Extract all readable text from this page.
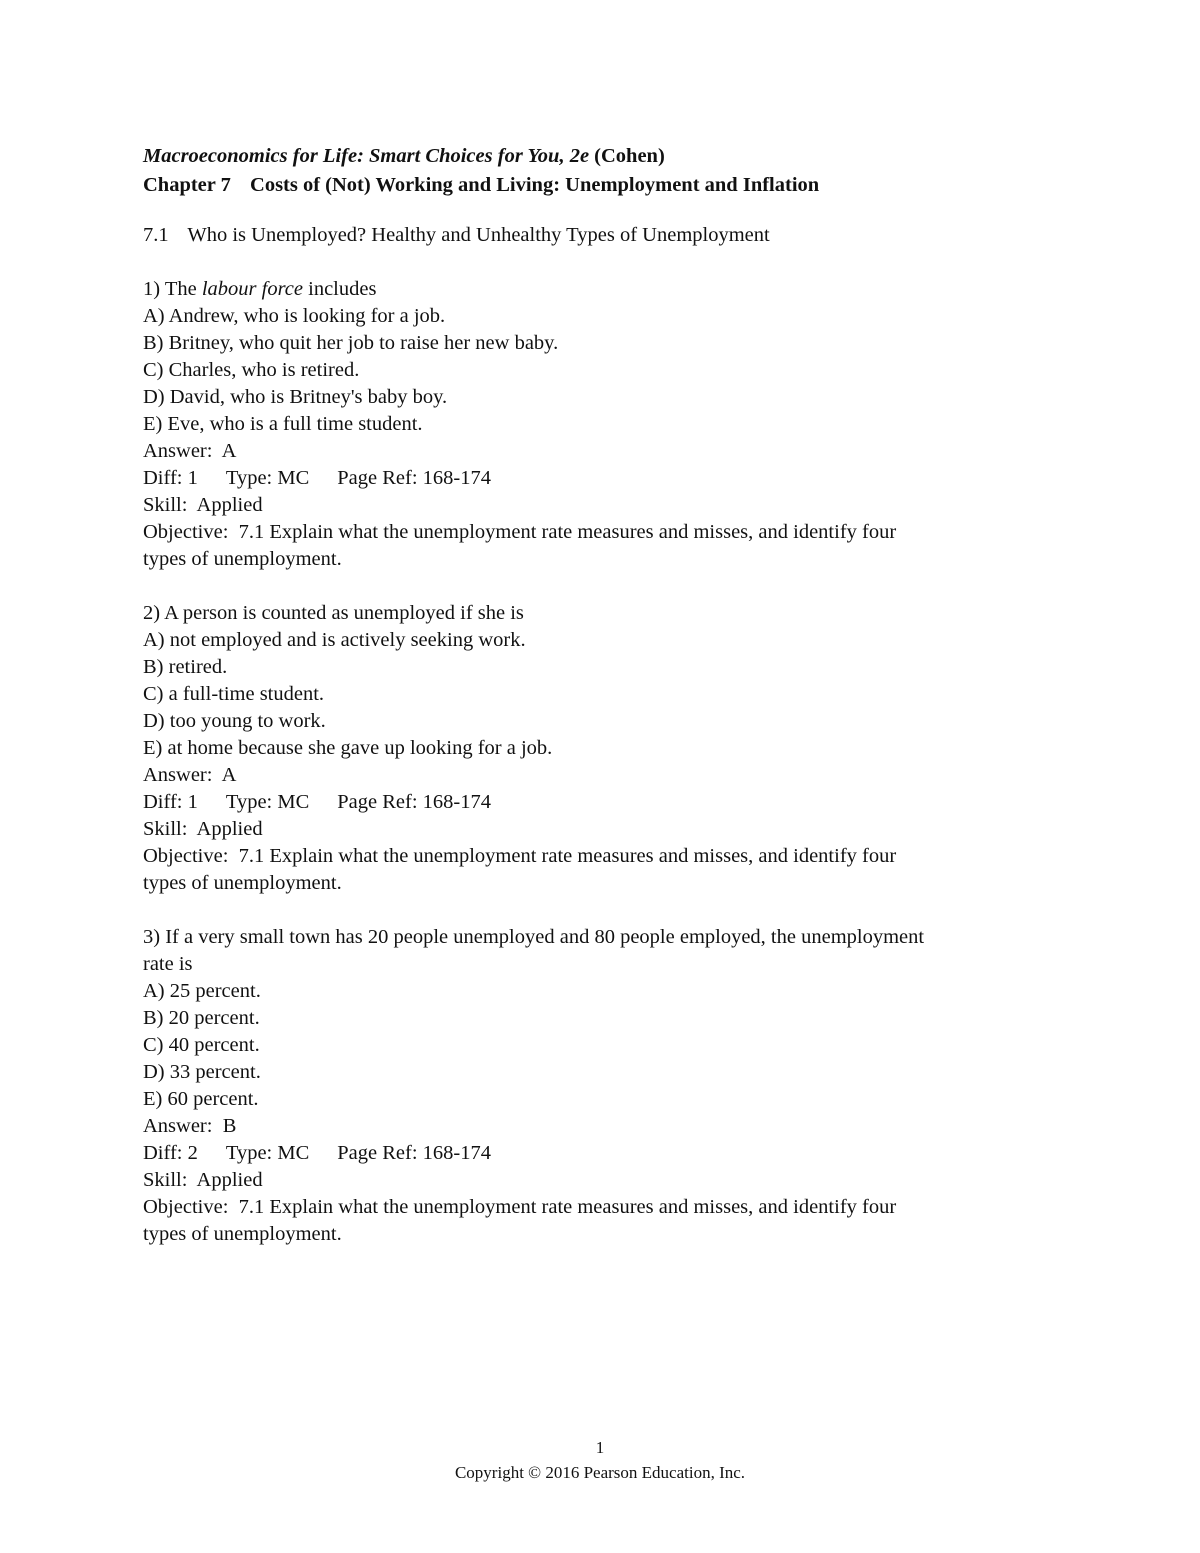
Macroeconomics for Life: Smart Choices for You, 2e (Cohen)

Chapter 7 Costs of (Not) Working and Living: Unemployment and Inflation

7.1 Who is Unemployed? Healthy and Unhealthy Types of Unemployment
1) The labour force includes
A) Andrew, who is looking for a job.
B) Britney, who quit her job to raise her new baby.
C) Charles, who is retired.
D) David, who is Britney's baby boy.
E) Eve, who is a full time student.
Answer:  A
Diff: 1 Type: MC Page Ref: 168-174
Skill:  Applied
Objective:  7.1 Explain what the unemployment rate measures and misses, and identify four
types of unemployment.
2) A person is counted as unemployed if she is
A) not employed and is actively seeking work.
B) retired.
C) a full-time student.
D) too young to work.
E) at home because she gave up looking for a job.
Answer:  A
Diff: 1 Type: MC Page Ref: 168-174
Skill:  Applied
Objective:  7.1 Explain what the unemployment rate measures and misses, and identify four
types of unemployment.
3) If a very small town has 20 people unemployed and 80 people employed, the unemployment
rate is
A) 25 percent.
B) 20 percent.
C) 40 percent.
D) 33 percent.
E) 60 percent.
Answer:  B
Diff: 2 Type: MC Page Ref: 168-174
Skill:  Applied
Objective:  7.1 Explain what the unemployment rate measures and misses, and identify four
types of unemployment.
1
Copyright © 2016 Pearson Education, Inc.
